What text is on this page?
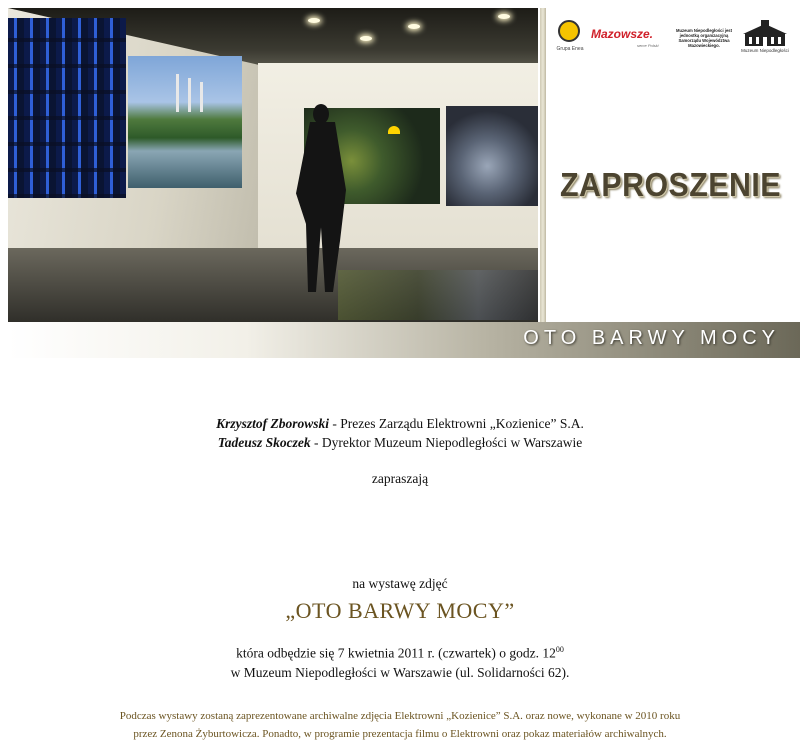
Grupa Enea
Mazowsze.
serce Polski
Muzeum Niepodległości jest jednostką organizacyjną Samorządu Województwa Mazowieckiego.
Muzeum Niepodległości
ZAPROSZENIE
OTO BARWY MOCY
Krzysztof Zborowski - Prezes Zarządu Elektrowni „Kozienice” S.A.
Tadeusz Skoczek - Dyrektor Muzeum Niepodległości w Warszawie
zapraszają
na wystawę zdjęć
„OTO BARWY MOCY”
która odbędzie się 7 kwietnia 2011 r. (czwartek) o godz. $12^{00}$
w Muzeum Niepodległości w Warszawie (ul. Solidarności 62).
Podczas wystawy zostaną zaprezentowane archiwalne zdjęcia Elektrowni „Kozienice” S.A. oraz nowe, wykonane w 2010 roku
przez Zenona Żyburtowicza. Ponadto, w programie prezentacja filmu o Elektrowni oraz pokaz materiałów archiwalnych.
